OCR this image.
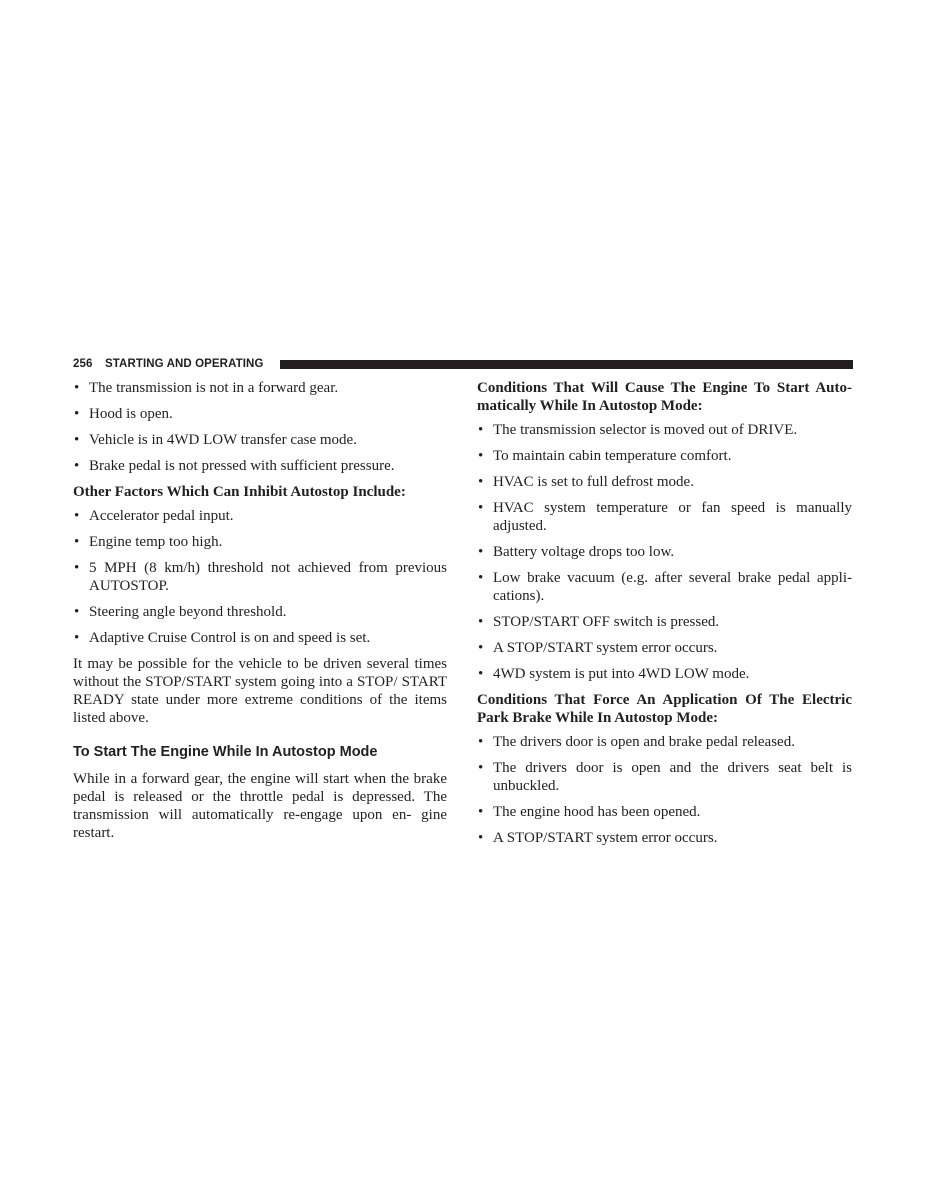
256 STARTING AND OPERATING
• The transmission is not in a forward gear.
• Hood is open.
• Vehicle is in 4WD LOW transfer case mode.
• Brake pedal is not pressed with sufficient pressure.
Other Factors Which Can Inhibit Autostop Include:
• Accelerator pedal input.
• Engine temp too high.
• 5 MPH (8 km/h) threshold not achieved from previous AUTOSTOP.
• Steering angle beyond threshold.
• Adaptive Cruise Control is on and speed is set.

It may be possible for the vehicle to be driven several times without the STOP/START system going into a STOP/ START READY state under more extreme conditions of the items listed above.

To Start The Engine While In Autostop Mode

While in a forward gear, the engine will start when the brake pedal is released or the throttle pedal is depressed. The transmission will automatically re-engage upon en- gine restart.

Conditions That Will Cause The Engine To Start Auto- matically While In Autostop Mode:
• The transmission selector is moved out of DRIVE.
• To maintain cabin temperature comfort.
• HVAC is set to full defrost mode.
• HVAC system temperature or fan speed is manually adjusted.
• Battery voltage drops too low.
• Low brake vacuum (e.g. after several brake pedal appli- cations).
• STOP/START OFF switch is pressed.
• A STOP/START system error occurs.
• 4WD system is put into 4WD LOW mode.
Conditions That Force An Application Of The Electric Park Brake While In Autostop Mode:
• The drivers door is open and brake pedal released.
• The drivers door is open and the drivers seat belt is unbuckled.
• The engine hood has been opened.
• A STOP/START system error occurs.
